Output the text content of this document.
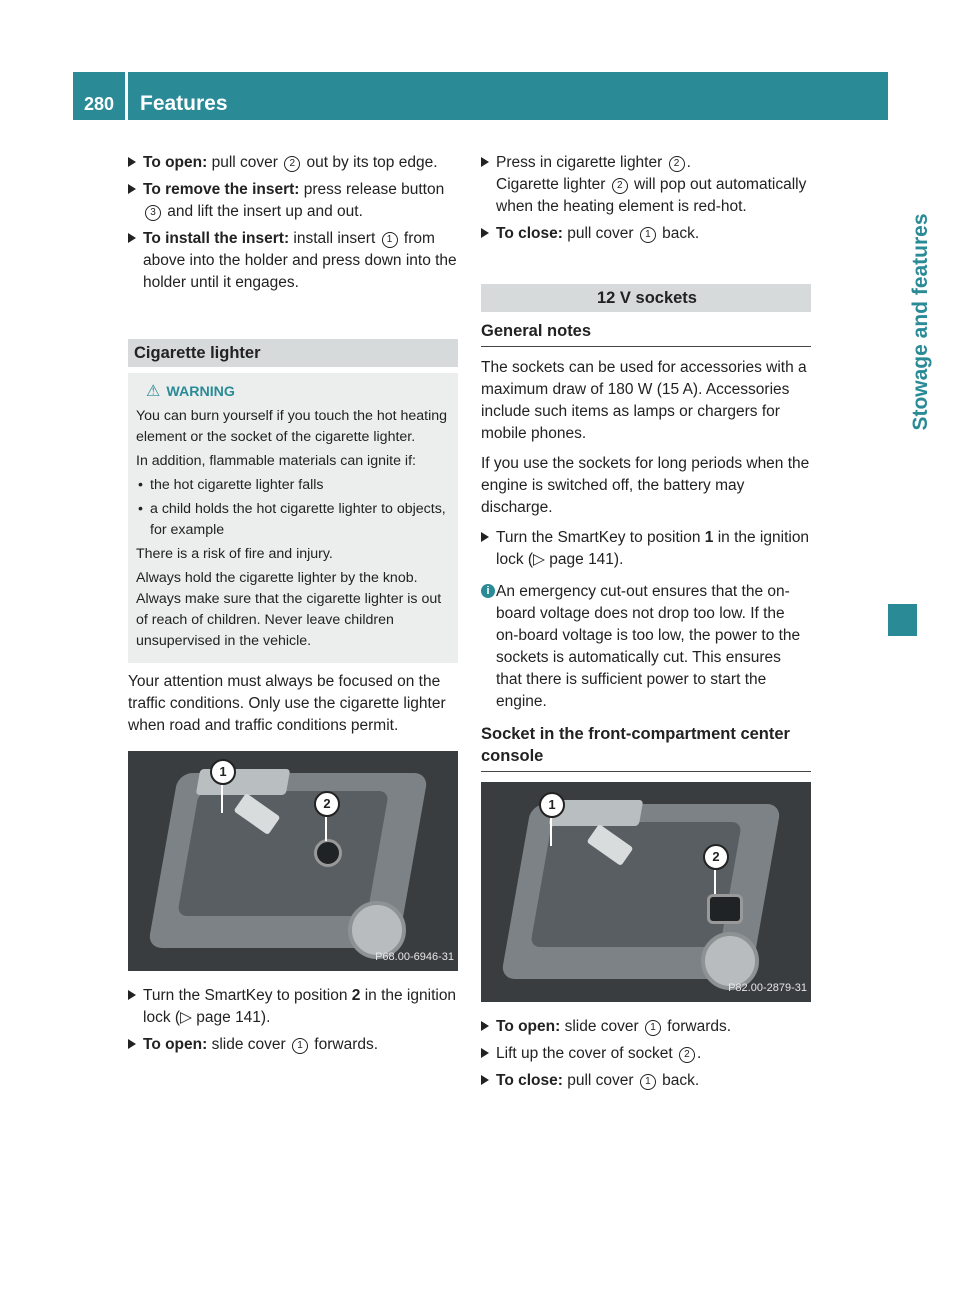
280	Features
Stowage and features
To open: pull cover 2 out by its top edge.
To remove the insert: press release button 3 and lift the insert up and out.
To install the insert: install insert 1 from above into the holder and press down into the holder until it engages.
Cigarette lighter
⚠ WARNING

You can burn yourself if you touch the hot heating element or the socket of the cigarette lighter.

In addition, flammable materials can ignite if:

• the hot cigarette lighter falls
• a child holds the hot cigarette lighter to objects, for example

There is a risk of fire and injury.

Always hold the cigarette lighter by the knob. Always make sure that the cigarette lighter is out of reach of children. Never leave children unsupervised in the vehicle.

Your attention must always be focused on the traffic conditions. Only use the cigarette lighter when road and traffic conditions permit.
1
2
P68.00-6946-31
Turn the SmartKey to position 2 in the ignition lock (▷ page 141).
To open: slide cover 1 forwards.
Press in cigarette lighter 2 .
Cigarette lighter 2 will pop out automatically when the heating element is red-hot.
To close: pull cover 1 back.
12 V sockets
General notes
The sockets can be used for accessories with a maximum draw of 180 W (15 A). Accessories include such items as lamps or chargers for mobile phones.
If you use the sockets for long periods when the engine is switched off, the battery may discharge.
Turn the SmartKey to position 1 in the ignition lock (▷ page 141).
i An emergency cut-out ensures that the on-board voltage does not drop too low. If the on-board voltage is too low, the power to the sockets is automatically cut. This ensures that there is sufficient power to start the engine.
Socket in the front-compartment center console
1
2
P82.00-2879-31
To open: slide cover 1 forwards.
Lift up the cover of socket 2 .
To close: pull cover 1 back.
